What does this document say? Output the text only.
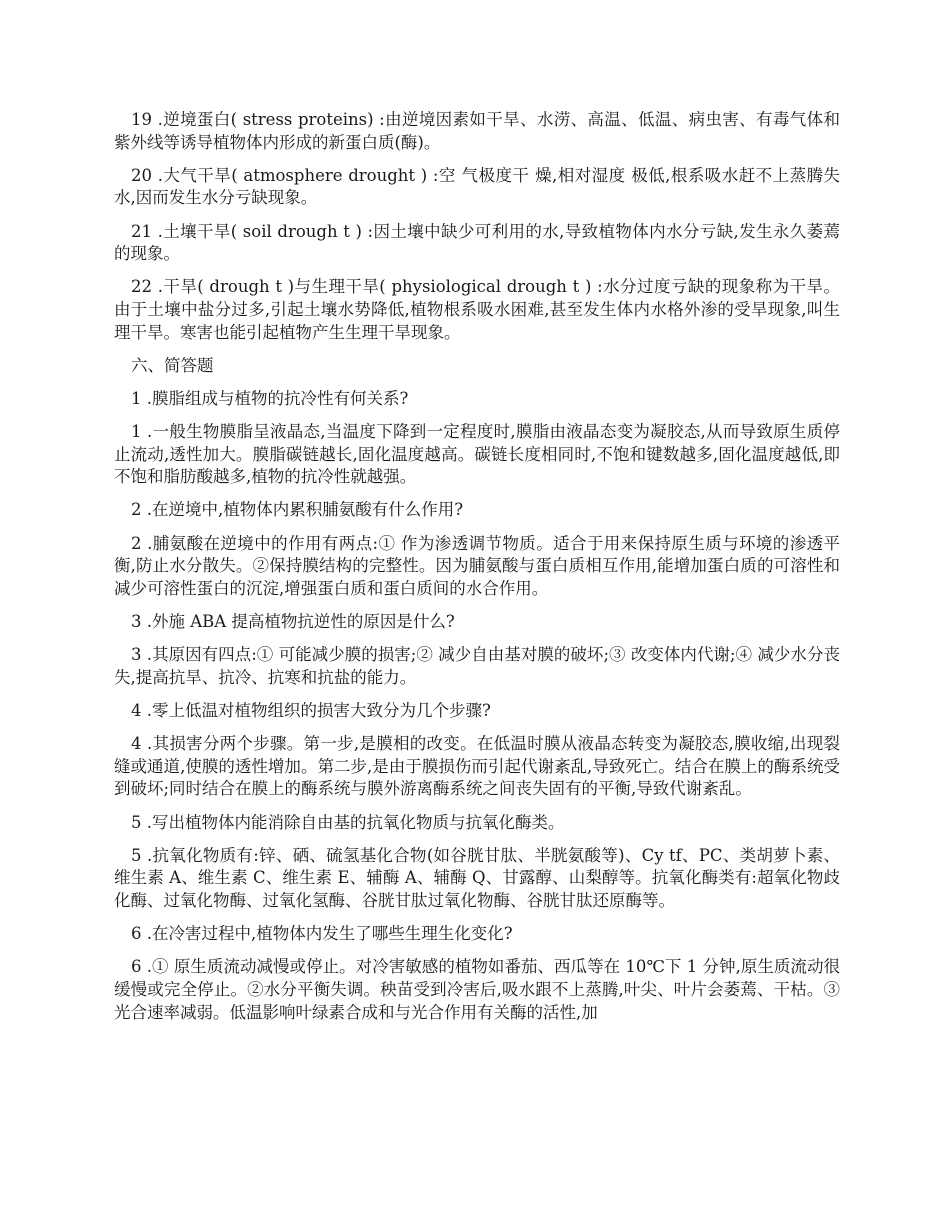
19 .逆境蛋白( stress proteins) :由逆境因素如干旱、水涝、高温、低温、病虫害、有毒气体和紫外线等诱导植物体内形成的新蛋白质(酶)。

20 .大气干旱( atmosphere drought ) :空 气极度干 燥,相对湿度 极低,根系吸水赶不上蒸腾失水,因而发生水分亏缺现象。

21 .土壤干旱( soil drough t ) :因土壤中缺少可利用的水,导致植物体内水分亏缺,发生永久萎蔫的现象。

22 .干旱( drough t )与生理干旱( physiological drough t ) :水分过度亏缺的现象称为干旱。由于土壤中盐分过多,引起土壤水势降低,植物根系吸水困难,甚至发生体内水格外渗的受旱现象,叫生理干旱。寒害也能引起植物产生生理干旱现象。

六、简答题

1 .膜脂组成与植物的抗冷性有何关系?

1 .一般生物膜脂呈液晶态,当温度下降到一定程度时,膜脂由液晶态变为凝胶态,从而导致原生质停止流动,透性加大。膜脂碳链越长,固化温度越高。碳链长度相同时,不饱和键数越多,固化温度越低,即不饱和脂肪酸越多,植物的抗冷性就越强。

2 .在逆境中,植物体内累积脯氨酸有什么作用?

2 .脯氨酸在逆境中的作用有两点:① 作为渗透调节物质。适合于用来保持原生质与环境的渗透平衡,防止水分散失。②保持膜结构的完整性。因为脯氨酸与蛋白质相互作用,能增加蛋白质的可溶性和减少可溶性蛋白的沉淀,增强蛋白质和蛋白质间的水合作用。

3 .外施 ABA 提高植物抗逆性的原因是什么?

3 .其原因有四点:① 可能减少膜的损害;② 减少自由基对膜的破坏;③ 改变体内代谢;④ 减少水分丧失,提高抗旱、抗冷、抗寒和抗盐的能力。

4 .零上低温对植物组织的损害大致分为几个步骤?

4 .其损害分两个步骤。第一步,是膜相的改变。在低温时膜从液晶态转变为凝胶态,膜收缩,出现裂缝或通道,使膜的透性增加。第二步,是由于膜损伤而引起代谢紊乱,导致死亡。结合在膜上的酶系统受到破坏;同时结合在膜上的酶系统与膜外游离酶系统之间丧失固有的平衡,导致代谢紊乱。

5 .写出植物体内能消除自由基的抗氧化物质与抗氧化酶类。

5 .抗氧化物质有:锌、硒、硫氢基化合物(如谷胱甘肽、半胱氨酸等)、Cy tf、PC、类胡萝卜素、维生素 A、维生素 C、维生素 E、辅酶 A、辅酶 Q、甘露醇、山梨醇等。抗氧化酶类有:超氧化物歧化酶、过氧化物酶、过氧化氢酶、谷胱甘肽过氧化物酶、谷胱甘肽还原酶等。

6 .在冷害过程中,植物体内发生了哪些生理生化变化?

6 .① 原生质流动减慢或停止。对冷害敏感的植物如番茄、西瓜等在 10℃下 1 分钟,原生质流动很缓慢或完全停止。②水分平衡失调。秧苗受到冷害后,吸水跟不上蒸腾,叶尖、叶片会萎蔫、干枯。③光合速率减弱。低温影响叶绿素合成和与光合作用有关酶的活性,加
